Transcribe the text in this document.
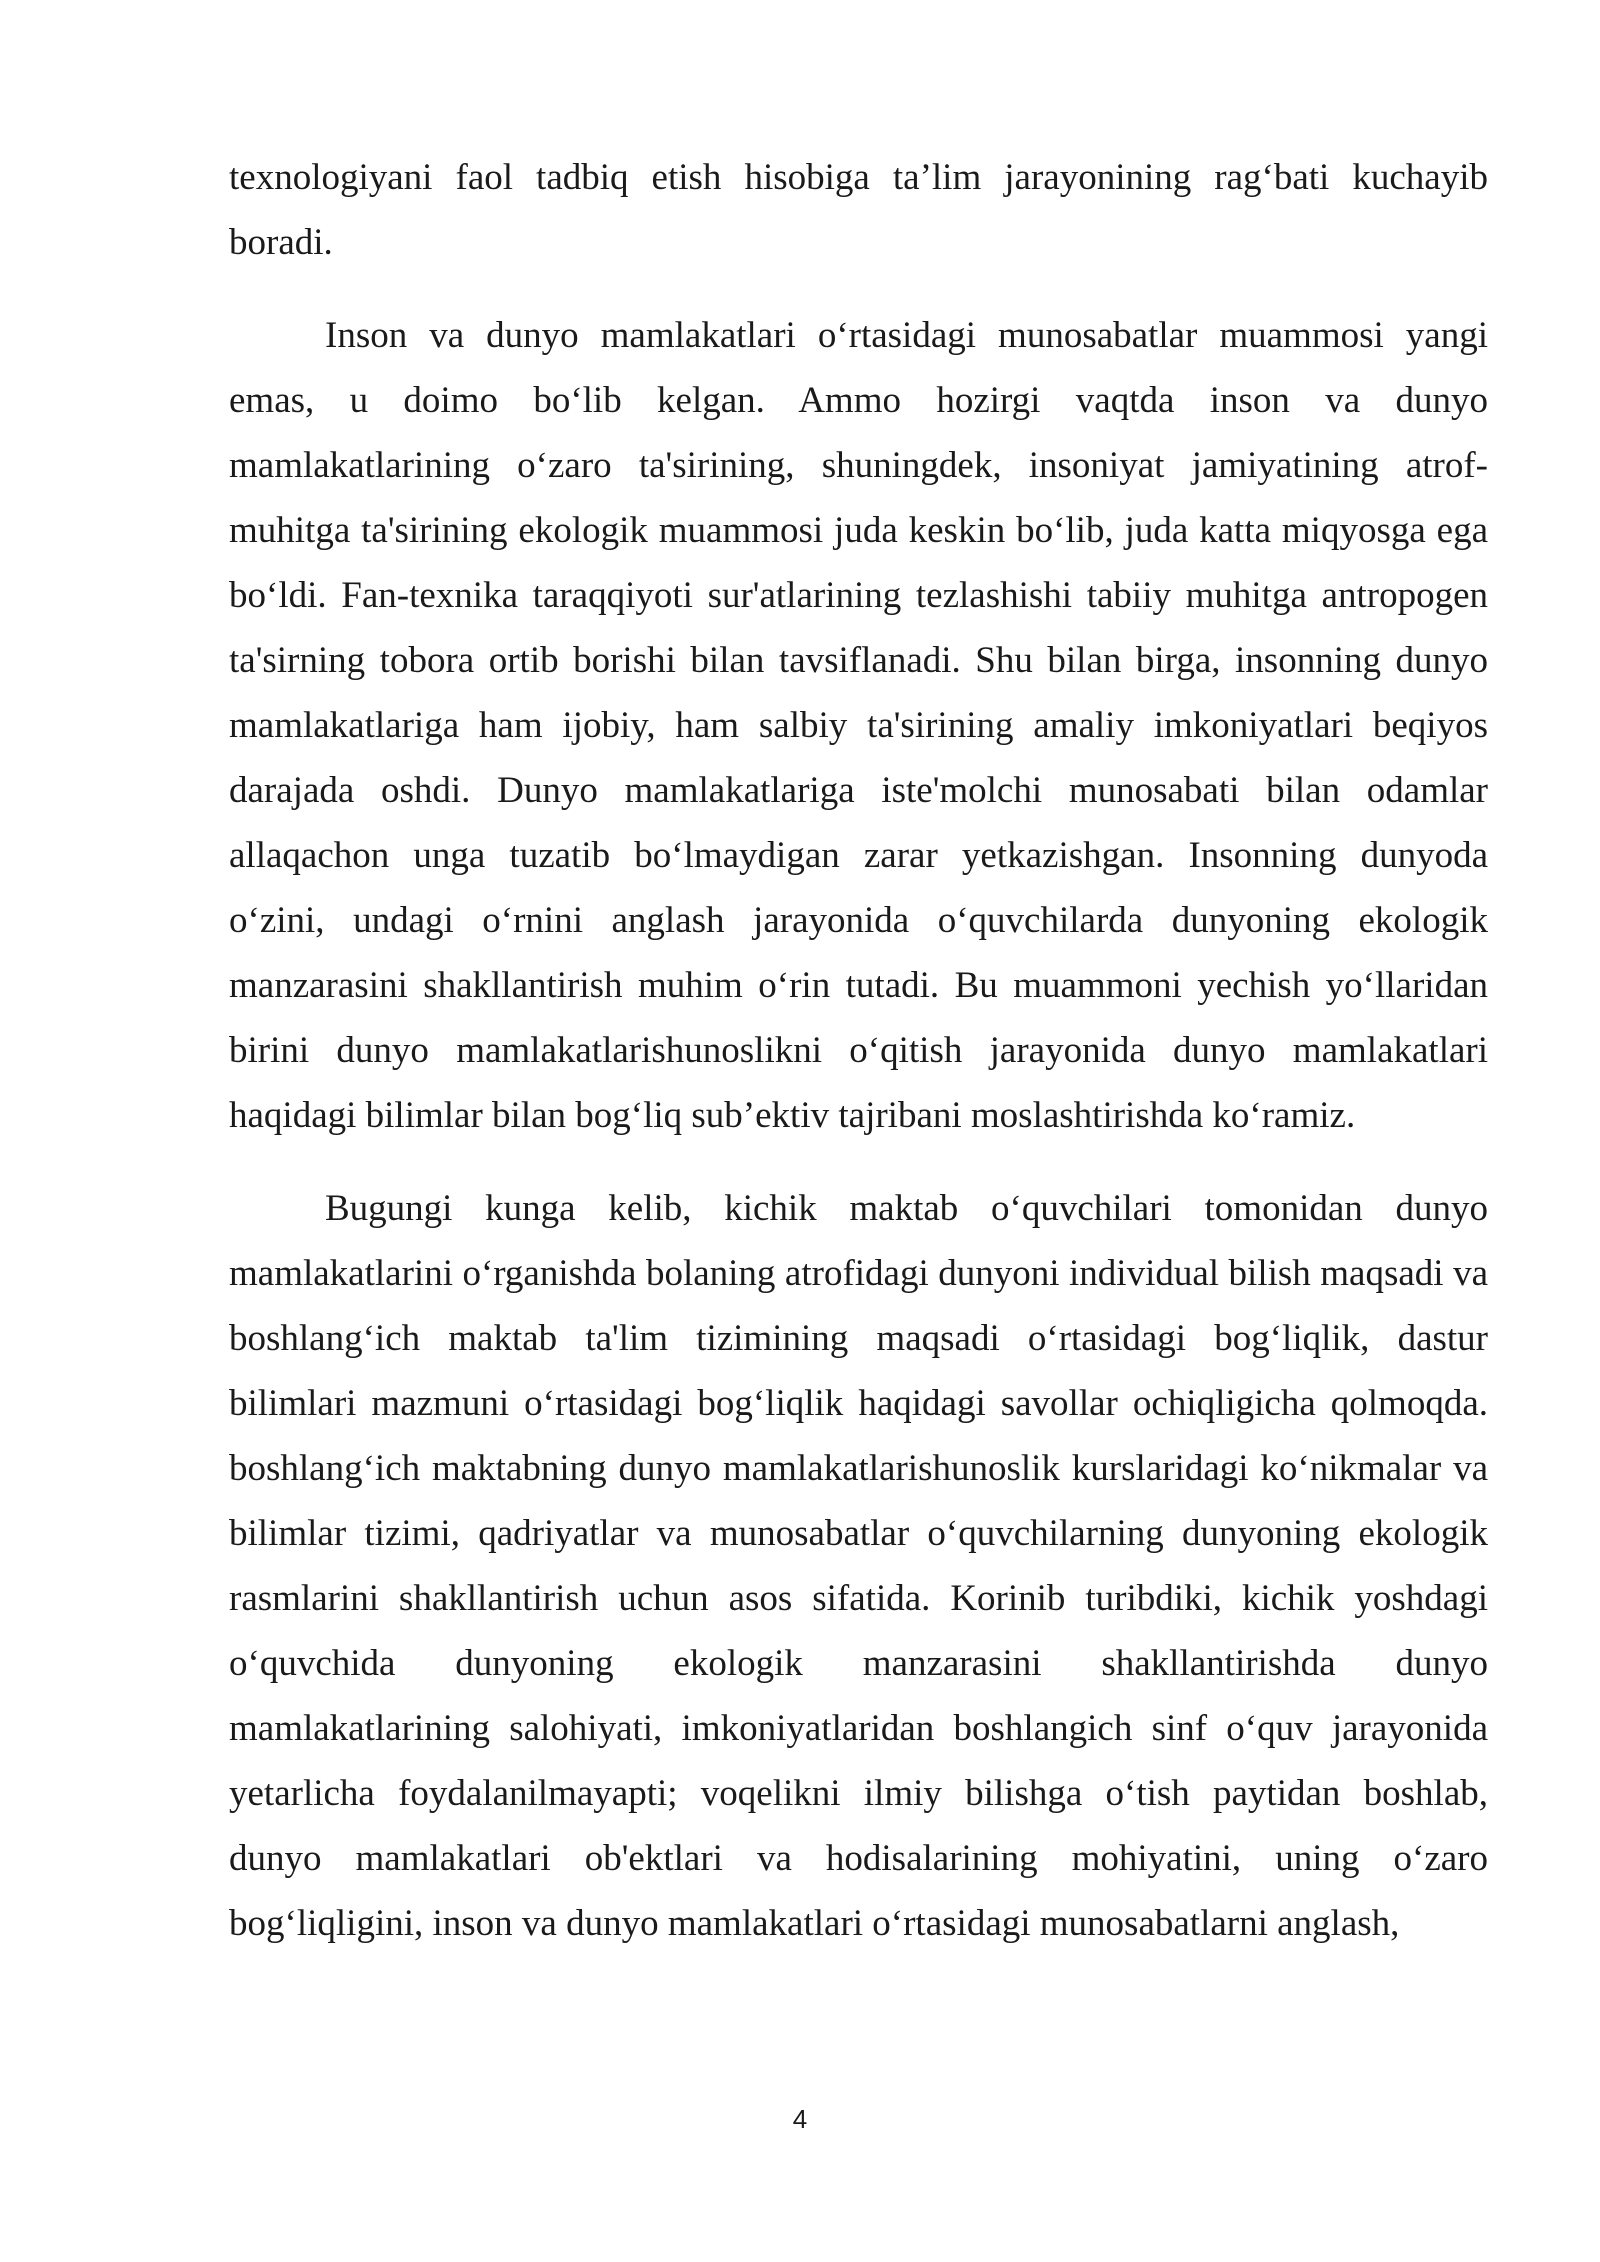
texnologiyani faol tadbiq etish hisobiga ta’lim jarayonining rag‘bati kuchayib boradi.

Inson va dunyo mamlakatlari o‘rtasidagi munosabatlar muammosi yangi emas, u doimo bo‘lib kelgan. Ammo hozirgi vaqtda inson va dunyo mamlakatlarining o‘zaro ta'sirining, shuningdek, insoniyat jamiyatining atrof-muhitga ta'sirining ekologik muammosi juda keskin bo‘lib, juda katta miqyosga ega bo‘ldi. Fan-texnika taraqqiyoti sur'atlarining tezlashishi tabiiy muhitga antropogen ta'sirning tobora ortib borishi bilan tavsiflanadi. Shu bilan birga, insonning dunyo mamlakatlariga ham ijobiy, ham salbiy ta'sirining amaliy imkoniyatlari beqiyos darajada oshdi. Dunyo mamlakatlariga iste'molchi munosabati bilan odamlar allaqachon unga tuzatib bo‘lmaydigan zarar yetkazishgan. Insonning dunyoda o‘zini, undagi o‘rnini anglash jarayonida o‘quvchilarda dunyoning ekologik manzarasini shakllantirish muhim o‘rin tutadi. Bu muammoni yechish yo‘llaridan birini dunyo mamlakatlarishunoslikni o‘qitish jarayonida dunyo mamlakatlari haqidagi bilimlar bilan bog‘liq sub’ektiv tajribani moslashtirishda ko‘ramiz.

Bugungi kunga kelib, kichik maktab o‘quvchilari tomonidan dunyo mamlakatlarini o‘rganishda bolaning atrofidagi dunyoni individual bilish maqsadi va boshlang‘ich maktab ta'lim tizimining maqsadi o‘rtasidagi bog‘liqlik, dastur bilimlari mazmuni o‘rtasidagi bog‘liqlik haqidagi savollar ochiqligicha qolmoqda. boshlang‘ich maktabning dunyo mamlakatlarishunoslik kurslaridagi ko‘nikmalar va bilimlar tizimi, qadriyatlar va munosabatlar o‘quvchilarning dunyoning ekologik rasmlarini shakllantirish uchun asos sifatida. Korinib turibdiki, kichik yoshdagi o‘quvchida dunyoning ekologik manzarasini shakllantirishda dunyo mamlakatlarining salohiyati, imkoniyatlaridan boshlangich sinf o‘quv jarayonida yetarlicha foydalanilmayapti; voqelikni ilmiy bilishga o‘tish paytidan boshlab, dunyo mamlakatlari ob'ektlari va hodisalarining mohiyatini, uning o‘zaro bog‘liqligini, inson va dunyo mamlakatlari o‘rtasidagi munosabatlarni anglash,

4
